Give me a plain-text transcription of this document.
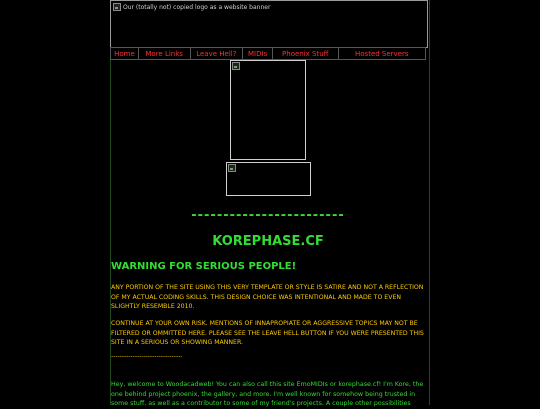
Our (totally not) copied logo as a website banner
Home	More Links	Leave Hell?	MIDIs	Phoenix Stuff	Hosted Servers
------------------------
KOREPHASE.CF
WARNING FOR SERIOUS PEOPLE!
ANY PORTION OF THE SITE USING THIS VERY TEMPLATE OR STYLE IS SATIRE AND NOT A REFLECTION OF MY ACTUAL CODING SKILLS. THIS DESIGN CHOICE WAS INTENTIONAL AND MADE TO EVEN SLIGHTLY RESEMBLE 2010.
CONTINUE AT YOUR OWN RISK. MENTIONS OF INNAPROPIATE OR AGGRESSIVE TOPICS MAY NOT BE FILTERED OR OMMITTED HERE. PLEASE SEE THE LEAVE HELL BUTTON IF YOU WERE PRESENTED THIS SITE IN A SERIOUS OR SHOWING MANNER.
---------------------------------
Hey, welcome to Woodacadweb! You can also call this site EmoMIDIs or korephase.cf! I'm Kore, the one behind project phoenix, the gallery, and more. I'm well known for somehow being trusted in some stuff, as well as a contributor to some of my friend's projects. A couple other possibilities
